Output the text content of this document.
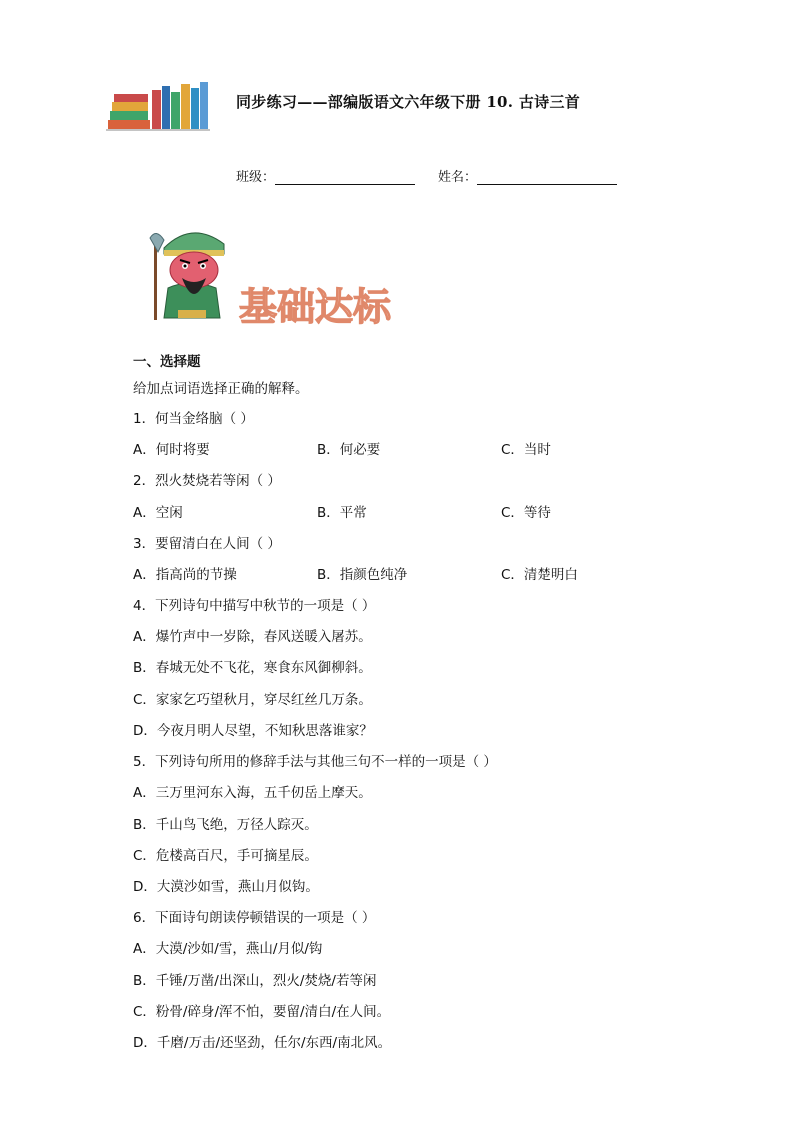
同步练习——部编版语文六年级下册 10. 古诗三首
班级：	姓名：
基础达标
一、选择题
给加点词语选择正确的解释。
1．何当金络脑（ ）
A．何时将要	B．何必要	C．当时
2．烈火焚烧若等闲（ ）
A．空闲	B．平常	C．等待
3．要留清白在人间（ ）
A．指高尚的节操	B．指颜色纯净	C．清楚明白
4．下列诗句中描写中秋节的一项是（ ）
A．爆竹声中一岁除，春风送暖入屠苏。
B．春城无处不飞花，寒食东风御柳斜。
C．家家乞巧望秋月，穿尽红丝几万条。
D．今夜月明人尽望，不知秋思落谁家？
5．下列诗句所用的修辞手法与其他三句不一样的一项是（ ）
A．三万里河东入海，五千仞岳上摩天。
B．千山鸟飞绝，万径人踪灭。
C．危楼高百尺，手可摘星辰。
D．大漠沙如雪，燕山月似钩。
6．下面诗句朗读停顿错误的一项是（ ）
A．大漠/沙如/雪，燕山/月似/钩
B．千锤/万凿/出深山，烈火/焚烧/若等闲
C．粉骨/碎身/浑不怕，要留/清白/在人间。
D．千磨/万击/还坚劲，任尔/东西/南北风。
